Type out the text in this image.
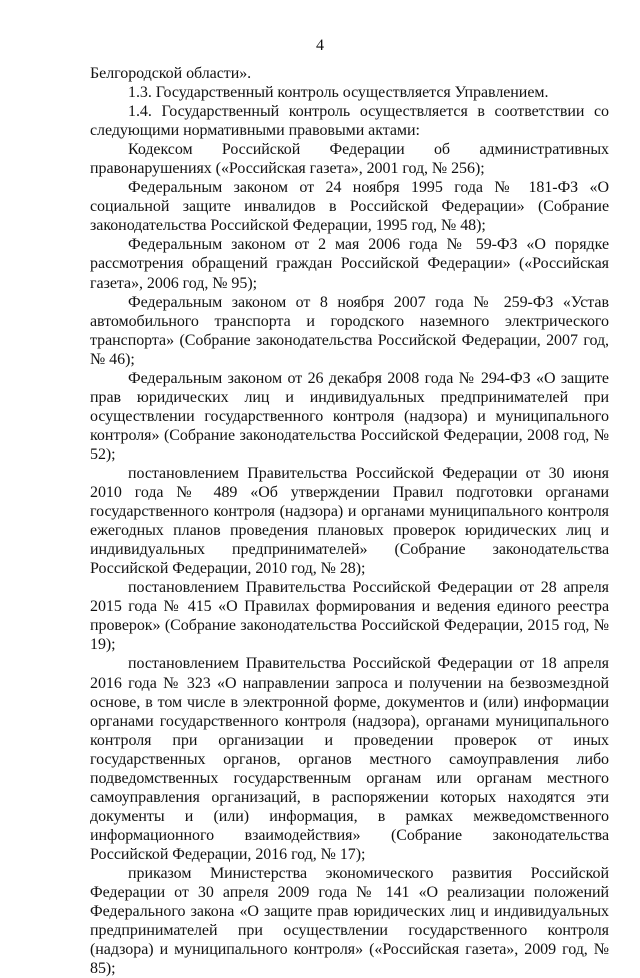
4

Белгородской области».

1.3. Государственный контроль осуществляется Управлением.

1.4. Государственный контроль осуществляется в соответствии со следующими нормативными правовыми актами:

Кодексом Российской Федерации об административных правонарушениях («Российская газета», 2001 год, № 256);

Федеральным законом от 24 ноября 1995 года № 181-ФЗ «О социальной защите инвалидов в Российской Федерации» (Собрание законодательства Российской Федерации, 1995 год, № 48);

Федеральным законом от 2 мая 2006 года № 59-ФЗ «О порядке рассмотрения обращений граждан Российской Федерации» («Российская газета», 2006 год, № 95);

Федеральным законом от 8 ноября 2007 года № 259-ФЗ «Устав автомобильного транспорта и городского наземного электрического транспорта» (Собрание законодательства Российской Федерации, 2007 год, № 46);

Федеральным законом от 26 декабря 2008 года № 294-ФЗ «О защите прав юридических лиц и индивидуальных предпринимателей при осуществлении государственного контроля (надзора) и муниципального контроля» (Собрание законодательства Российской Федерации, 2008 год, № 52);

постановлением Правительства Российской Федерации от 30 июня 2010 года № 489 «Об утверждении Правил подготовки органами государственного контроля (надзора) и органами муниципального контроля ежегодных планов проведения плановых проверок юридических лиц и индивидуальных предпринимателей» (Собрание законодательства Российской Федерации, 2010 год, № 28);

постановлением Правительства Российской Федерации от 28 апреля 2015 года № 415 «О Правилах формирования и ведения единого реестра проверок» (Собрание законодательства Российской Федерации, 2015 год, № 19);

постановлением Правительства Российской Федерации от 18 апреля 2016 года № 323 «О направлении запроса и получении на безвозмездной основе, в том числе в электронной форме, документов и (или) информации органами государственного контроля (надзора), органами муниципального контроля при организации и проведении проверок от иных государственных органов, органов местного самоуправления либо подведомственных государственным органам или органам местного самоуправления организаций, в распоряжении которых находятся эти документы и (или) информация, в рамках межведомственного информационного взаимодействия» (Собрание законодательства Российской Федерации, 2016 год, № 17);

приказом Министерства экономического развития Российской Федерации от 30 апреля 2009 года № 141 «О реализации положений Федерального закона «О защите прав юридических лиц и индивидуальных предпринимателей при осуществлении государственного контроля (надзора) и муниципального контроля» («Российская газета», 2009 год, № 85);
